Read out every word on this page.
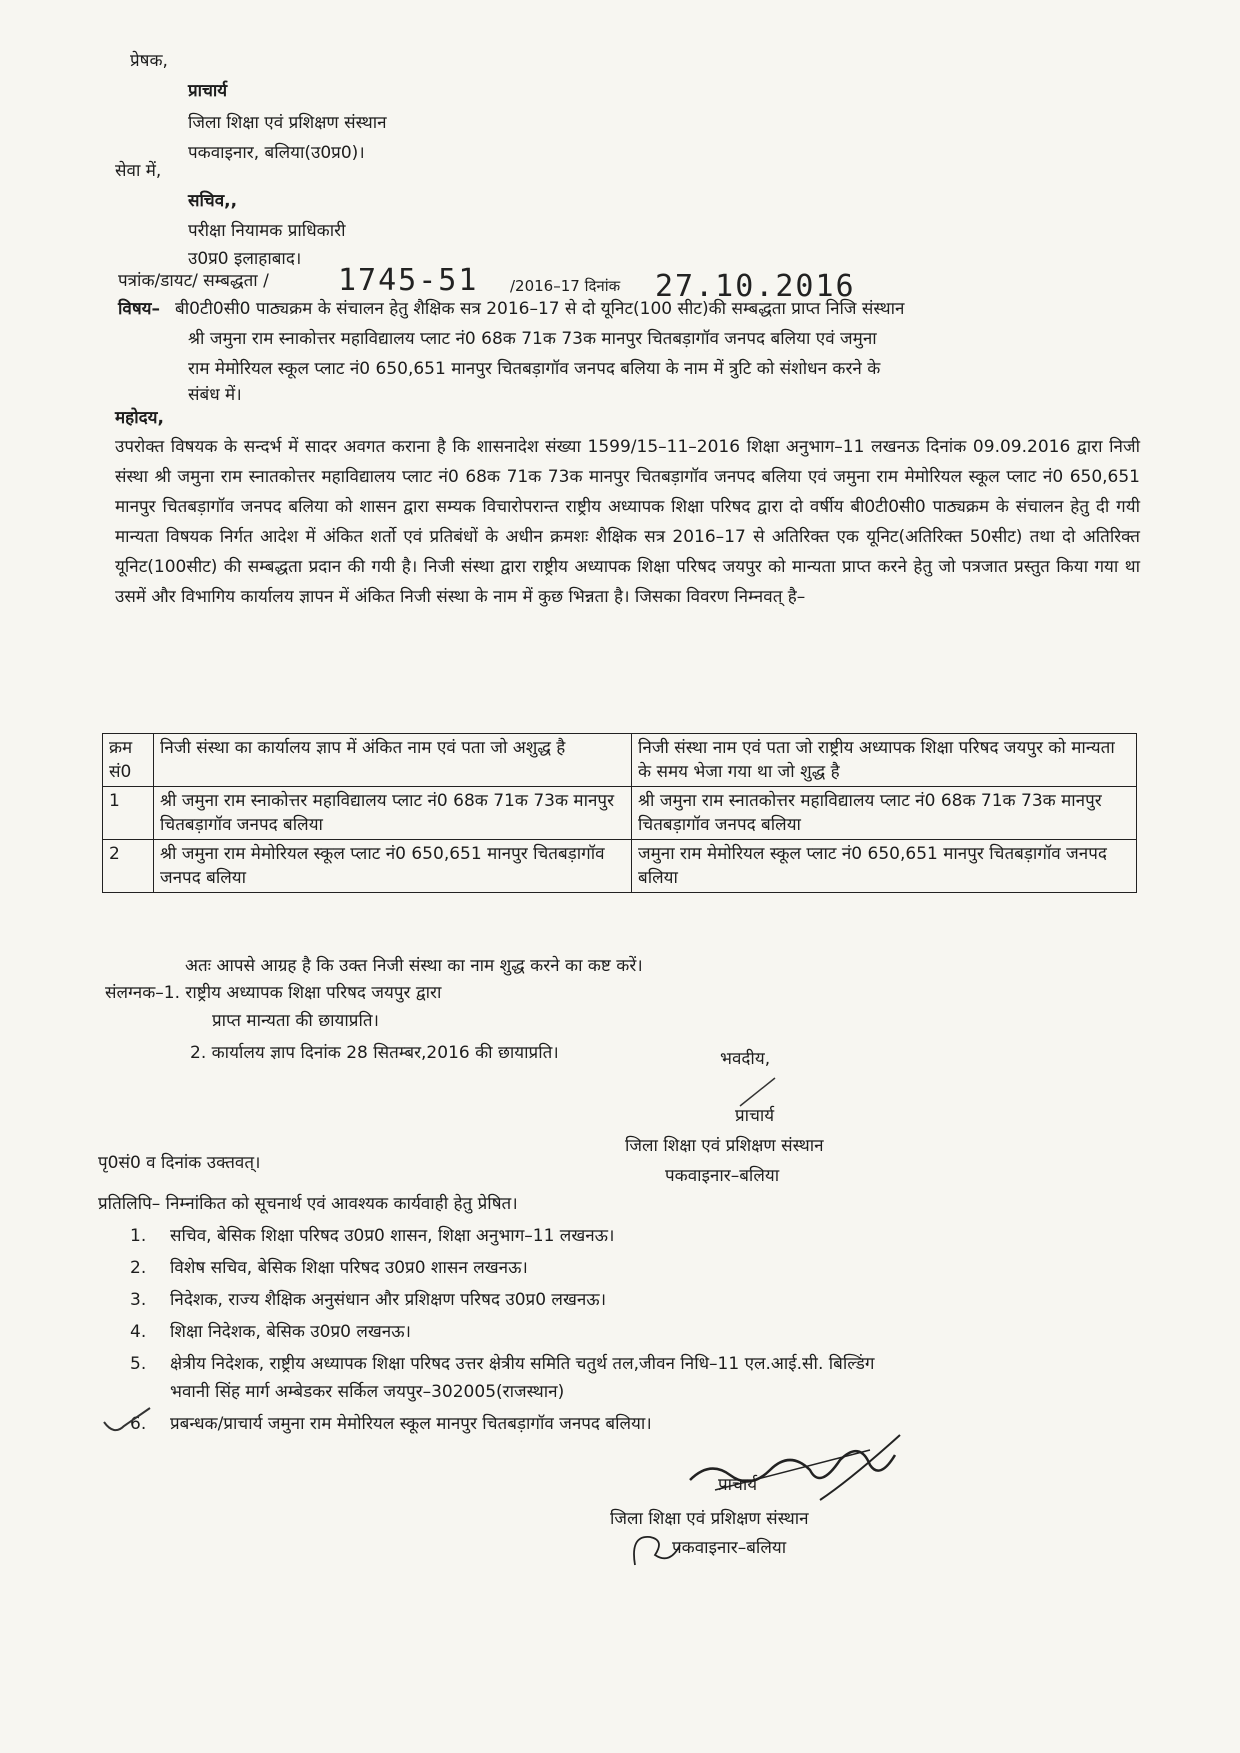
प्रेषक,
प्राचार्य
जिला शिक्षा एवं प्रशिक्षण संस्थान
पकवाइनार, बलिया(उ0प्र0)।
सेवा में,
सचिव,,
परीक्षा नियामक प्राधिकारी
उ0प्र0 इलाहाबाद।
पत्रांक/डायट/ सम्बद्धता / 1745-51 /2016–17 दिनांक 27.10.2016
विषय– बी0टी0सी0 पाठ्यक्रम के संचालन हेतु शैक्षिक सत्र 2016–17 से दो यूनिट(100 सीट)की सम्बद्धता प्राप्त निजि संस्थान
श्री जमुना राम स्नाकोत्तर महाविद्यालय प्लाट नं0 68क 71क 73क मानपुर चितबड़ागॉव जनपद बलिया एवं जमुना
राम मेमोरियल स्कूल प्लाट नं0 650,651 मानपुर चितबड़ागॉव जनपद बलिया के नाम में त्रुटि को संशोधन करने के
संबंध में।
महोदय,
उपरोक्त विषयक के सन्दर्भ में सादर अवगत कराना है कि शासनादेश संख्या 1599/15–11–2016 शिक्षा अनुभाग–11 लखनऊ दिनांक 09.09.2016 द्वारा निजी संस्था श्री जमुना राम स्नातकोत्तर महाविद्यालय प्लाट नं0 68क 71क 73क मानपुर चितबड़ागॉव जनपद बलिया एवं जमुना राम मेमोरियल स्कूल प्लाट नं0 650,651 मानपुर चितबड़ागॉव जनपद बलिया को शासन द्वारा सम्यक विचारोपरान्त राष्ट्रीय अध्यापक शिक्षा परिषद द्वारा दो वर्षीय बी0टी0सी0 पाठ्यक्रम के संचालन हेतु दी गयी मान्यता विषयक निर्गत आदेश में अंकित शर्तो एवं प्रतिबंधों के अधीन क्रमशः शैक्षिक सत्र 2016–17 से अतिरिक्त एक यूनिट(अतिरिक्त 50सीट) तथा दो अतिरिक्त यूनिट(100सीट) की सम्बद्धता प्रदान की गयी है। निजी संस्था द्वारा राष्ट्रीय अध्यापक शिक्षा परिषद जयपुर को मान्यता प्राप्त करने हेतु जो पत्रजात प्रस्तुत किया गया था उसमें और विभागिय कार्यालय ज्ञापन में अंकित निजी संस्था के नाम में कुछ भिन्नता है। जिसका विवरण निम्नवत् है–
क्रम सं0	निजी संस्था का कार्यालय ज्ञाप में अंकित नाम एवं पता जो अशुद्ध है	निजी संस्था नाम एवं पता जो राष्ट्रीय अध्यापक शिक्षा परिषद जयपुर को मान्यता के समय भेजा गया था जो शुद्ध है
1	श्री जमुना राम स्नाकोत्तर महाविद्यालय प्लाट नं0 68क 71क 73क मानपुर चितबड़ागॉव जनपद बलिया	श्री जमुना राम स्नातकोत्तर महाविद्यालय प्लाट नं0 68क 71क 73क मानपुर चितबड़ागॉव जनपद बलिया
2	श्री जमुना राम मेमोरियल स्कूल प्लाट नं0 650,651 मानपुर चितबड़ागॉव जनपद बलिया	जमुना राम मेमोरियल स्कूल प्लाट नं0 650,651 मानपुर चितबड़ागॉव जनपद बलिया
अतः आपसे आग्रह है कि उक्त निजी संस्था का नाम शुद्ध करने का कष्ट करें।
संलग्नक–1. राष्ट्रीय अध्यापक शिक्षा परिषद जयपुर द्वारा
प्राप्त मान्यता की छायाप्रति।
2. कार्यालय ज्ञाप दिनांक 28 सितम्बर,2016 की छायाप्रति।	भवदीय,
प्राचार्य
जिला शिक्षा एवं प्रशिक्षण संस्थान
पकवाइनार–बलिया
पृ0सं0 व दिनांक उक्तवत्।
प्रतिलिपि– निम्नांकित को सूचनार्थ एवं आवश्यक कार्यवाही हेतु प्रेषित।
1. सचिव, बेसिक शिक्षा परिषद उ0प्र0 शासन, शिक्षा अनुभाग–11 लखनऊ।
2. विशेष सचिव, बेसिक शिक्षा परिषद उ0प्र0 शासन लखनऊ।
3. निदेशक, राज्य शैक्षिक अनुसंधान और प्रशिक्षण परिषद उ0प्र0 लखनऊ।
4. शिक्षा निदेशक, बेसिक उ0प्र0 लखनऊ।
5. क्षेत्रीय निदेशक, राष्ट्रीय अध्यापक शिक्षा परिषद उत्तर क्षेत्रीय समिति चतुर्थ तल,जीवन निधि–11 एल.आई.सी. बिल्डिंग
भवानी सिंह मार्ग अम्बेडकर सर्किल जयपुर–302005(राजस्थान)
6. प्रबन्धक/प्राचार्य जमुना राम मेमोरियल स्कूल मानपुर चितबड़ागॉव जनपद बलिया।
प्राचार्य
जिला शिक्षा एवं प्रशिक्षण संस्थान
पकवाइनार–बलिया
